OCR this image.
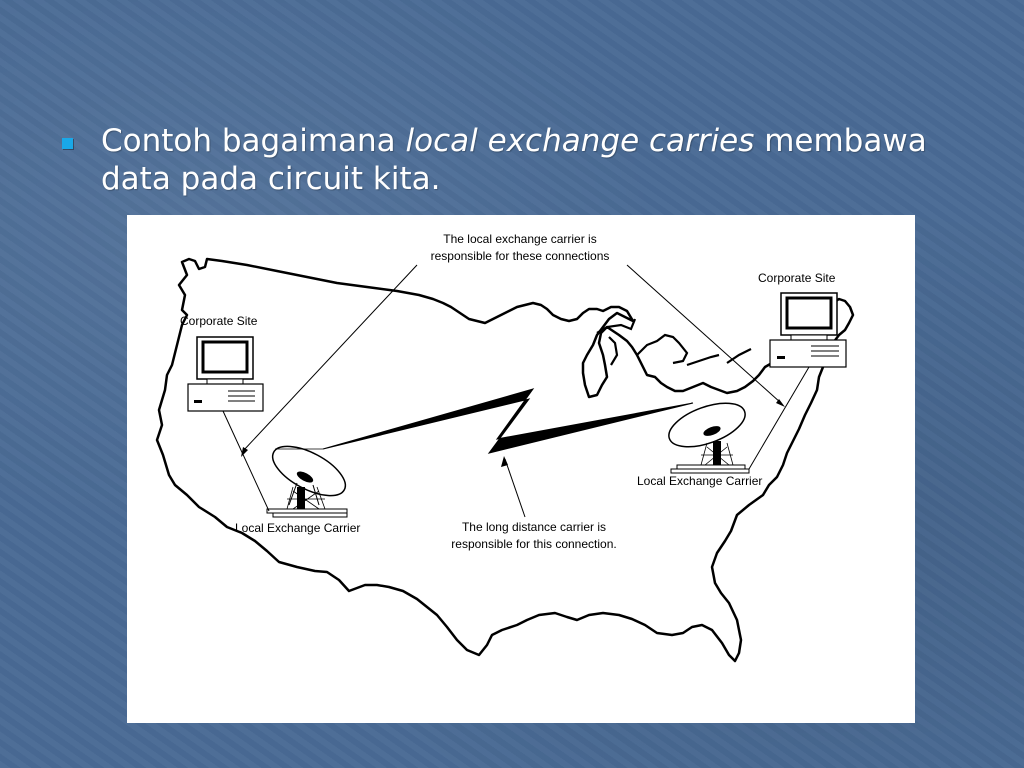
Contoh bagaimana local exchange carries membawa data pada circuit kita.
The local exchange carrier is
responsible for these connections
Corporate Site
Corporate Site
Local Exchange Carrier
Local Exchange Carrier	The long distance carrier is
responsible for this connection.
